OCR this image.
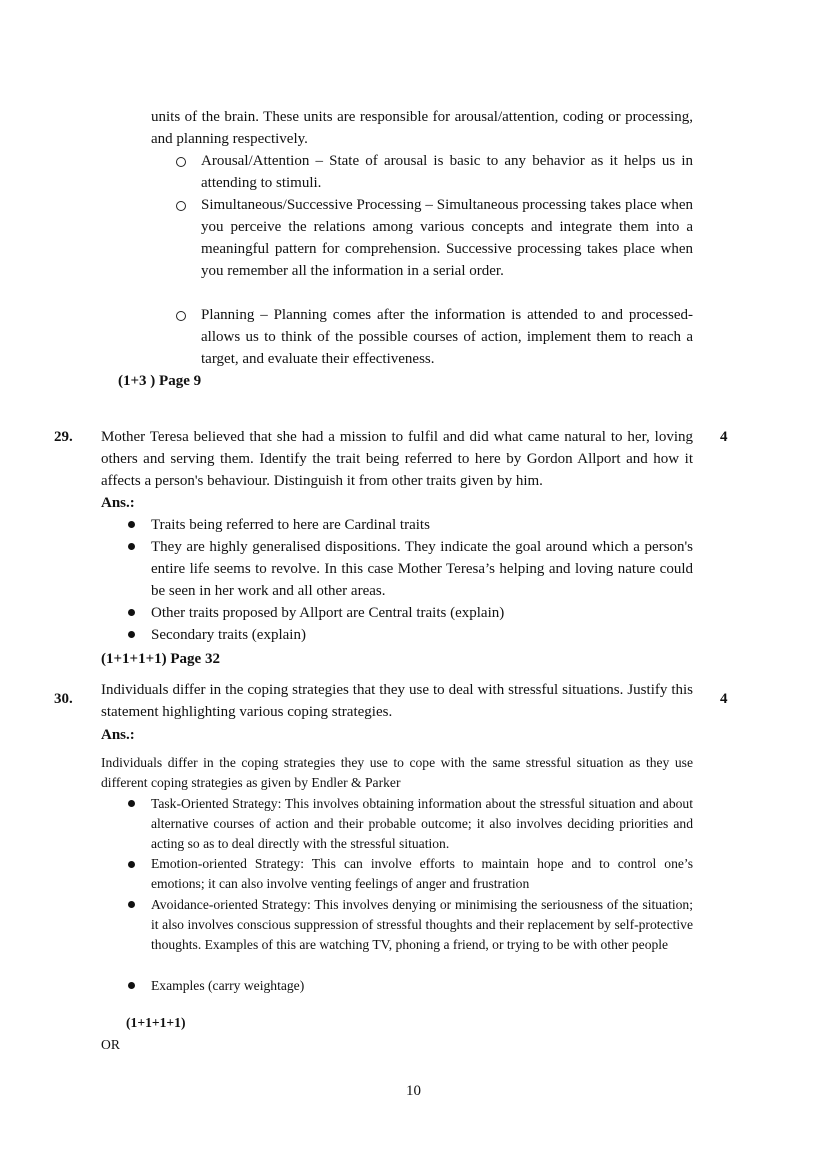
units of the brain. These units are responsible for arousal/attention, coding or processing, and planning respectively.
Arousal/Attention – State of arousal is basic to any behavior as it helps us in attending to stimuli.
Simultaneous/Successive Processing – Simultaneous processing takes place when you perceive the relations among various concepts and integrate them into a meaningful pattern for comprehension. Successive processing takes place when you remember all the information in a serial order.
Planning – Planning comes after the information is attended to and processed- allows us to think of the possible courses of action, implement them to reach a target, and evaluate their effectiveness.
(1+3 ) Page 9
29. Mother Teresa believed that she had a mission to fulfil and did what came natural to her, loving others and serving them. Identify the trait being referred to here by Gordon Allport and how it affects a person's behaviour. Distinguish it from other traits given by him.
4
Ans.:
Traits being referred to here are Cardinal traits
They are highly generalised dispositions. They indicate the goal around which a person's entire life seems to revolve. In this case Mother Teresa’s helping and loving nature could be seen in her work and all other areas.
Other traits proposed by Allport are Central traits (explain)
Secondary traits (explain)
(1+1+1+1) Page 32
30.
Individuals differ in the coping strategies that they use to deal with stressful situations. Justify this statement highlighting various coping strategies.
4
Ans.:
Individuals differ in the coping strategies they use to cope with the same stressful situation as they use different coping strategies as given by Endler & Parker
Task-Oriented Strategy: This involves obtaining information about the stressful situation and about alternative courses of action and their probable outcome; it also involves deciding priorities and acting so as to deal directly with the stressful situation.
Emotion-oriented Strategy: This can involve efforts to maintain hope and to control one’s emotions; it can also involve venting feelings of anger and frustration
Avoidance-oriented Strategy: This involves denying or minimising the seriousness of the situation; it also involves conscious suppression of stressful thoughts and their replacement by self-protective thoughts. Examples of this are watching TV, phoning a friend, or trying to be with other people
Examples (carry weightage)
(1+1+1+1)
OR
10
